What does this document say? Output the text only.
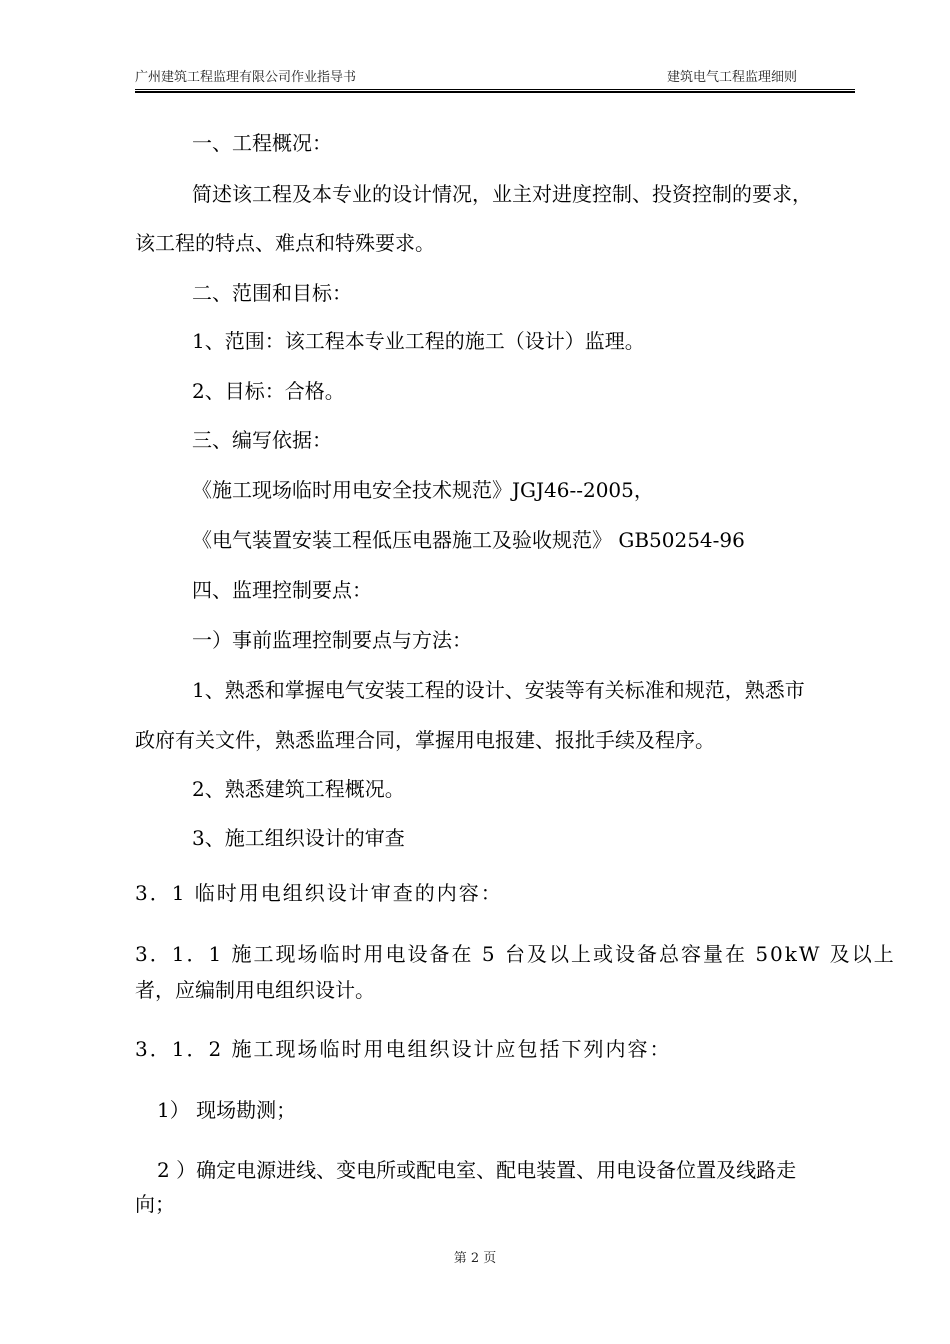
广州建筑工程监理有限公司作业指导书	建筑电气工程监理细则
一、工程概况：
简述该工程及本专业的设计情况，业主对进度控制、投资控制的要求，
该工程的特点、难点和特殊要求。
二、范围和目标：
1、范围：该工程本专业工程的施工（设计）监理。
2、目标：合格。
三、编写依据：
《施工现场临时用电安全技术规范》JGJ46--2005，
《电气装置安装工程低压电器施工及验收规范》 GB50254-96
四、监理控制要点：
一）事前监理控制要点与方法：
1、熟悉和掌握电气安装工程的设计、安装等有关标准和规范，熟悉市
政府有关文件，熟悉监理合同，掌握用电报建、报批手续及程序。
2、熟悉建筑工程概况。
3、施工组织设计的审查
3．1 临时用电组织设计审查的内容：
3．1．1 施工现场临时用电设备在 5 台及以上或设备总容量在 50kW 及以上
者，应编制用电组织设计。
3．1．2 施工现场临时用电组织设计应包括下列内容：
1） 现场勘测；
2 ）确定电源进线、变电所或配电室、配电装置、用电设备位置及线路走
向；
第 2 页
